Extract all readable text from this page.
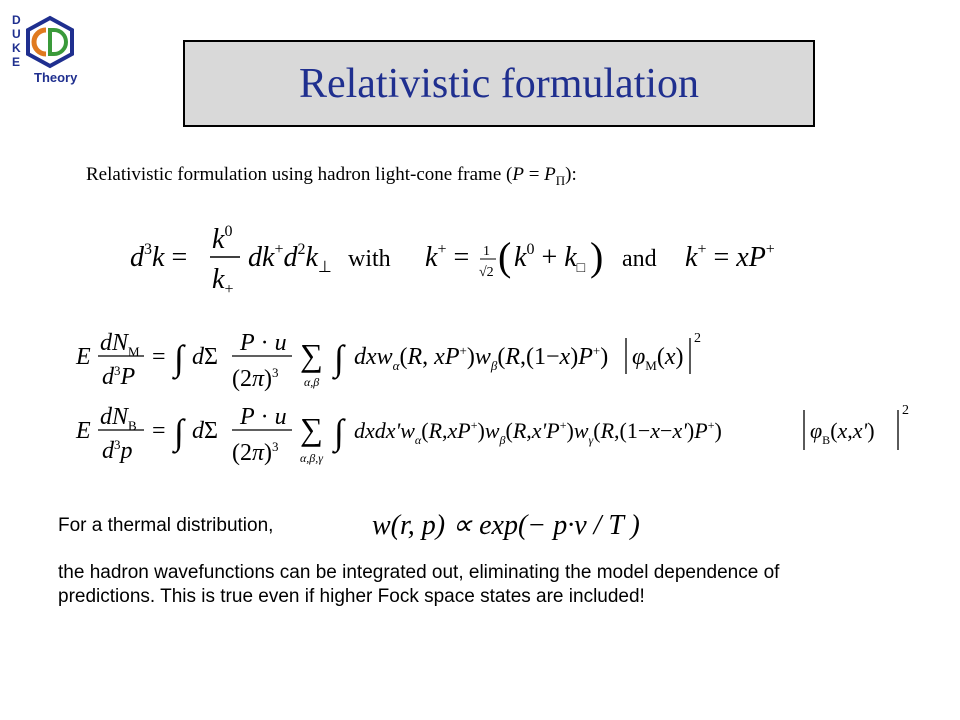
D
U
K
E
Theory	Relativistic formulation
Relativistic formulation using hadron light-cone frame $(P = P_\Pi)$:
$d^3k$ =
$k^0$
$k_+$
$dk^+d^2k_\perp$ with k+ = 1
√2 ( $k^0 + k_□$ ) and k+ = xP+
E
$dN_M$
$d^3P$
= ∫ dΣ
P · u
$(2\pi)^3$ ∑
α,β
∫ dxw$_\alpha$(R, $xP^+)w_\beta(R,(1-x)P^+)$ $\varphi_M(x)$
2
E
$dN_B$
$d^3p$
= ∫ dΣ
P · u
$(2\pi)^3$ ∑
α,β,γ
∫ $dxdx'w_\alpha(R,xP^+)w_\beta(R,x'P^+)w_\gamma(R,(1-x-x')P^+)$	$\varphi_B(x,x')$
2
For a thermal distribution,	w(r, p) ∝ exp(− p·v / T )
the hadron wavefunctions can be integrated out, eliminating the model dependence of predictions. This is true even if higher Fock space states are included!
